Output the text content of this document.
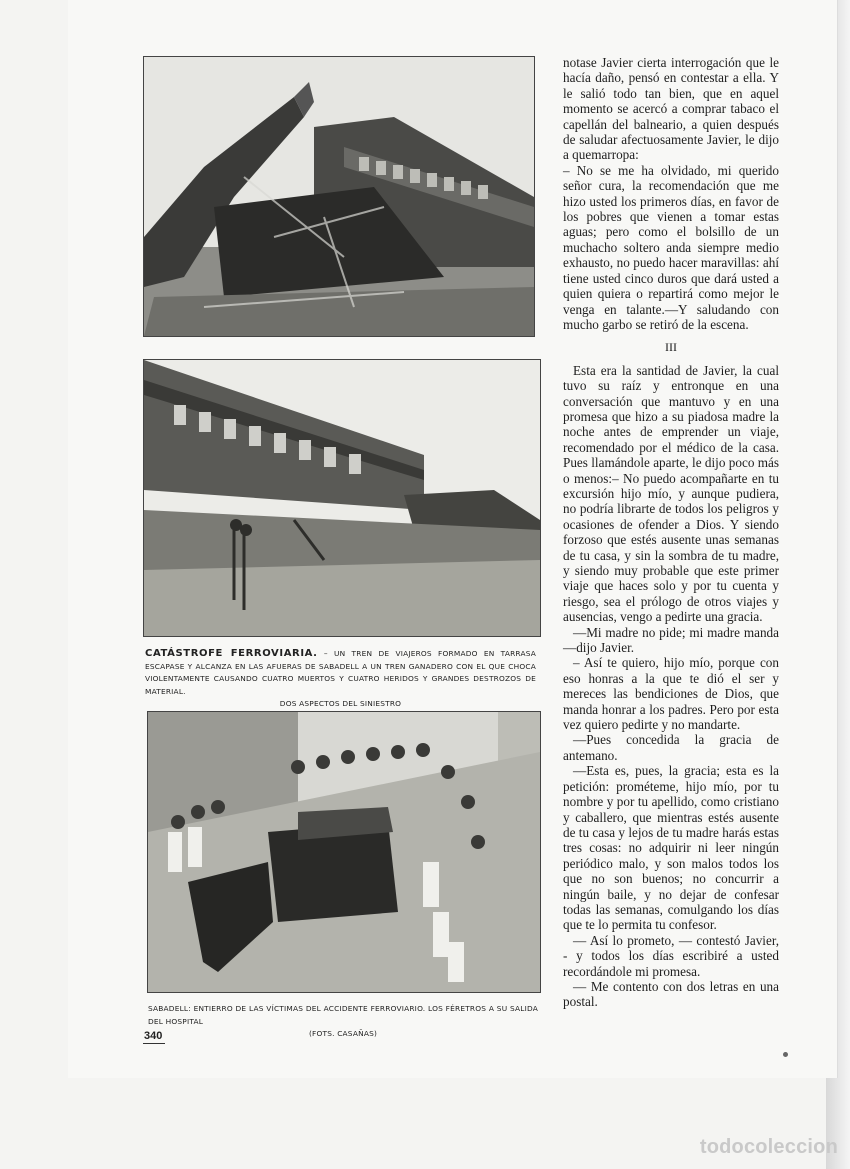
CATÁSTROFE FERROVIARIA. – UN TREN DE VIAJEROS FORMADO EN TARRASA ESCAPASE Y ALCANZA EN LAS AFUERAS DE SABADELL A UN TREN GANADERO CON EL QUE CHOCA VIOLENTAMENTE CAUSANDO CUATRO MUERTOS Y CUATRO HERIDOS Y GRANDES DESTROZOS DE MATERIAL.
DOS ASPECTOS DEL SINIESTRO
SABADELL: ENTIERRO DE LAS VÍCTIMAS DEL ACCIDENTE FERROVIARIO. LOS FÉRETROS A SU SALIDA DEL HOSPITAL
(FOTS. CASAÑAS)

notase Javier cierta interrogación que le hacía daño, pensó en contestar a ella. Y le salió todo tan bien, que en aquel momento se acercó a comprar tabaco el capellán del balneario, a quien después de saludar afectuosamente Javier, le dijo a quemarropa:

– No se me ha olvidado, mi querido señor cura, la recomendación que me hizo usted los primeros días, en favor de los pobres que vienen a tomar estas aguas; pero como el bolsillo de un muchacho soltero anda siempre medio exhausto, no puedo hacer maravillas: ahí tiene usted cinco duros que dará usted a quien quiera o repartirá como mejor le venga en talante.—Y saludando con mucho garbo se retiró de la escena.

III

Esta era la santidad de Javier, la cual tuvo su raíz y entronque en una conversación que mantuvo y en una promesa que hizo a su piadosa madre la noche antes de emprender un viaje, recomendado por el médico de la casa. Pues llamándole aparte, le dijo poco más o menos:– No puedo acompañarte en tu excursión hijo mío, y aunque pudiera, no podría librarte de todos los peligros y ocasiones de ofender a Dios. Y siendo forzoso que estés ausente unas semanas de tu casa, y sin la sombra de tu madre, y siendo muy probable que este primer viaje que haces solo y por tu cuenta y riesgo, sea el prólogo de otros viajes y ausencias, vengo a pedirte una gracia.

—Mi madre no pide; mi madre manda—dijo Javier.

– Así te quiero, hijo mío, porque con eso honras a la que te dió el ser y mereces las bendiciones de Dios, que manda honrar a los padres. Pero por esta vez quiero pedirte y no mandarte.

—Pues concedida la gracia de antemano.

—Esta es, pues, la gracia; esta es la petición: prométeme, hijo mío, por tu nombre y por tu apellido, como cristiano y caballero, que mientras estés ausente de tu casa y lejos de tu madre harás estas tres cosas: no adquirir ni leer ningún periódico malo, y son malos todos los que no son buenos; no concurrir a ningún baile, y no dejar de confesar todas las semanas, comulgando los días que te lo permita tu confesor.

— Así lo prometo, — contestó Javier, - y todos los días escribiré a usted recordándole mi promesa.

— Me contento con dos letras en una postal.

340
todocoleccion
